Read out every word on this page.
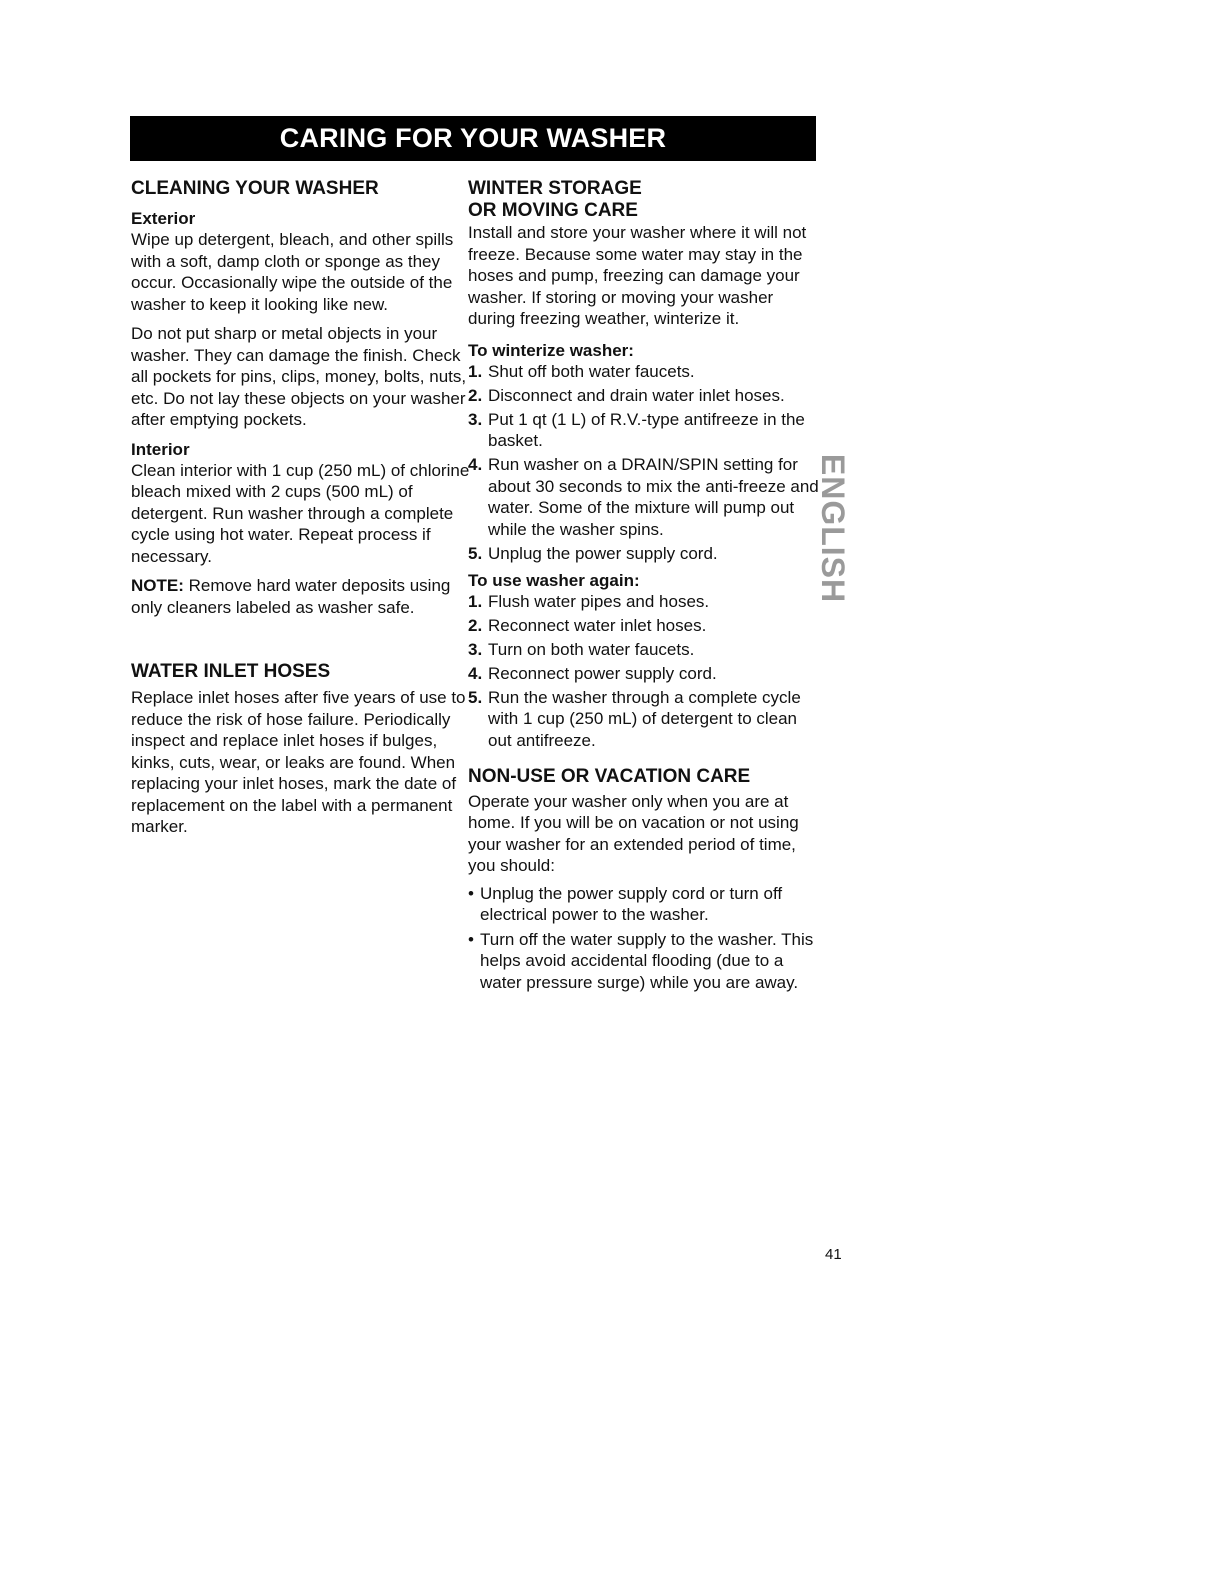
CARING FOR YOUR WASHER
CLEANING YOUR WASHER
Exterior

Wipe up detergent, bleach, and other spills with a soft, damp cloth or sponge as they occur. Occasionally wipe the outside of the washer to keep it looking like new.

Do not put sharp or metal objects in your washer. They can damage the finish. Check all pockets for pins, clips, money, bolts, nuts, etc. Do not lay these objects on your washer after emptying pockets.

Interior

Clean interior with 1 cup (250 mL) of chlorine bleach mixed with 2 cups (500 mL) of detergent. Run washer through a complete cycle using hot water. Repeat process if necessary.

NOTE: Remove hard water deposits using only cleaners labeled as washer safe.

WATER INLET HOSES

Replace inlet hoses after five years of use to reduce the risk of hose failure. Periodically inspect and replace inlet hoses if bulges, kinks, cuts, wear, or leaks are found. When replacing your inlet hoses, mark the date of replacement on the label with a permanent marker.

WINTER STORAGE
OR MOVING CARE

Install and store your washer where it will not freeze. Because some water may stay in the hoses and pump, freezing can damage your washer. If storing or moving your washer during freezing weather, winterize it.

To winterize washer:
1. Shut off both water faucets.
2. Disconnect and drain water inlet hoses.
3. Put 1 qt (1 L) of R.V.-type antifreeze in the basket.
4. Run washer on a DRAIN/SPIN setting for about 30 seconds to mix the anti-freeze and water. Some of the mixture will pump out while the washer spins.
5. Unplug the power supply cord.
To use washer again:
1. Flush water pipes and hoses.
2. Reconnect water inlet hoses.
3. Turn on both water faucets.
4. Reconnect power supply cord.
5. Run the washer through a complete cycle with 1 cup (250 mL) of detergent to clean out antifreeze.
NON-USE OR VACATION CARE

Operate your washer only when you are at home. If you will be on vacation or not using your washer for an extended period of time, you should:

• Unplug the power supply cord or turn off electrical power to the washer.
• Turn off the water supply to the washer. This helps avoid accidental flooding (due to a water pressure surge) while you are away.
ENGLISH
41
